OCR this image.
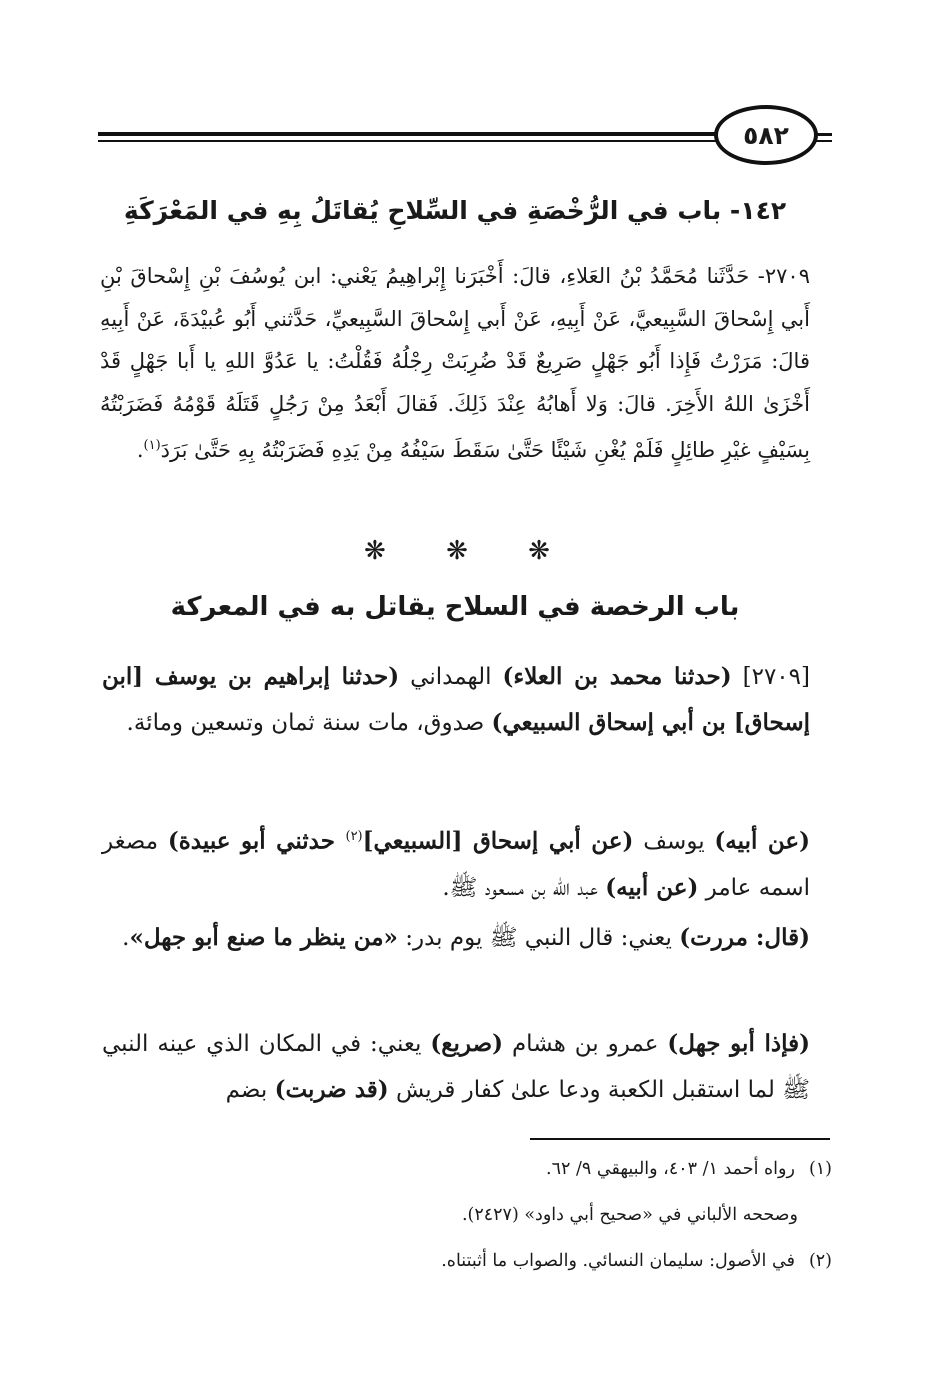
٥٨٢
١٤٢- باب في الرُّخْصَةِ في السِّلاحِ يُقاتَلُ بِهِ في المَعْرَكَةِ
٢٧٠٩- حَدَّثَنا مُحَمَّدُ بْنُ العَلاءِ، قالَ: أَخْبَرَنا إِبْراهِيمُ يَعْني: ابن يُوسُفَ بْنِ إِسْحاقَ بْنِ أَبي إِسْحاقَ السَّبِيعيَّ، عَنْ أَبِيهِ، عَنْ أَبي إِسْحاقَ السَّبِيعيِّ، حَدَّثني أَبُو عُبيْدَةَ، عَنْ أَبِيهِ قالَ: مَرَرْتُ فَإِذا أَبُو جَهْلٍ صَرِيعٌ قَدْ ضُرِبَتْ رِجْلُهُ فَقُلْتُ: يا عَدُوَّ اللهِ يا أَبا جَهْلٍ قَدْ أَخْزَىٰ اللهُ الأَخِرَ. قالَ: وَلا أَهابُهُ عِنْدَ ذَلِكَ. فَقالَ أَبْعَدُ مِنْ رَجُلٍ قَتَلَهُ قَوْمُهُ فَضَرَبْتُهُ بِسَيْفٍ غيْرِ طائِلٍ فَلَمْ يُغْنِ شَيْئًا حَتَّىٰ سَقَطَ سَيْفُهُ مِنْ يَدِهِ فَضَرَبْتُهُ بِهِ حَتَّىٰ بَرَدَ$^{(١)}$.
❋ ❋ ❋
باب الرخصة في السلاح يقاتل به في المعركة
[٢٧٠٩] (حدثنا محمد بن العلاء) الهمداني (حدثنا إبراهيم بن يوسف [ابن إسحاق] بن أبي إسحاق السبيعي) صدوق، مات سنة ثمان وتسعين ومائة.
(عن أبيه) يوسف (عن أبي إسحاق [السبيعي]$^{(٢)}$ حدثني أبو عبيدة) مصغر اسمه عامر (عن أبيه) عبد الله بن مسعود ﷺ.
(قال: مررت) يعني: قال النبي ﷺ يوم بدر: «من ينظر ما صنع أبو جهل».
(فإذا أبو جهل) عمرو بن هشام (صريع) يعني: في المكان الذي عينه النبي ﷺ لما استقبل الكعبة ودعا علىٰ كفار قريش (قد ضربت) بضم
(١)رواه أحمد ١/ ٤٠٣، والبيهقي ٩/ ٦٢.
وصححه الألباني في «صحيح أبي داود» (٢٤٢٧).
(٢)في الأصول: سليمان النسائي. والصواب ما أثبتناه.
